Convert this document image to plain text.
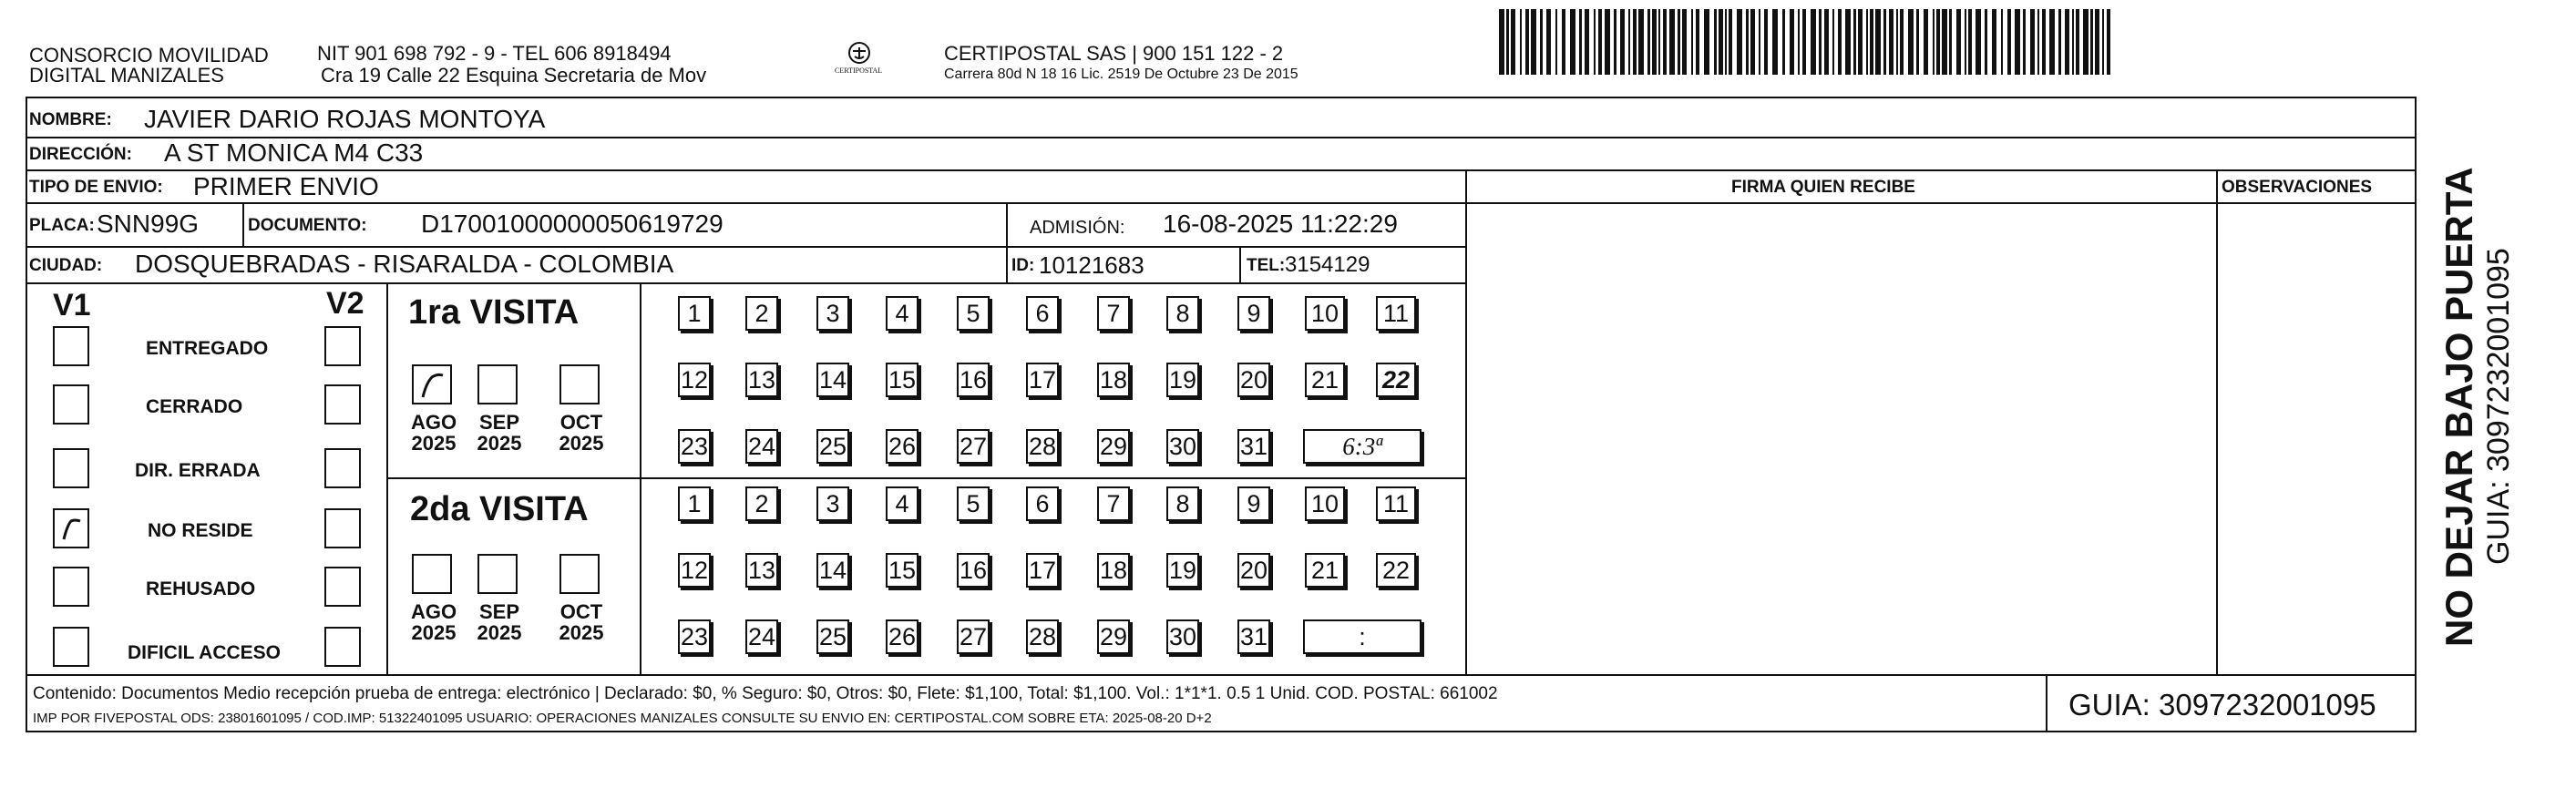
CONSORCIO MOVILIDAD
DIGITAL MANIZALES
NIT 901 698 792 - 9 - TEL 606 8918494
Cra 19 Calle 22 Esquina Secretaria de Mov	CERTIPOSTAL
CERTIPOSTAL SAS | 900 151 122 - 2
Carrera 80d N 18 16 Lic. 2519 De Octubre 23 De 2015
NOMBRE: JAVIER DARIO ROJAS MONTOYA
DIRECCIÓN: A ST MONICA M4 C33
TIPO DE ENVIO: PRIMER ENVIO	FIRMA QUIEN RECIBE	OBSERVACIONES
PLACA: SNN99G	DOCUMENTO: D17001000000050619729	ADMISIÓN: 16-08-2025 11:22:29
CIUDAD: DOSQUEBRADAS - RISARALDA - COLOMBIA	ID: 10121683	TEL: 3154129
V1	V2
ENTREGADO
CERRADO
DIR. ERRADA
NO RESIDE
REHUSADO
DIFICIL ACCESO
1ra VISITA
2da VISITA
AGO
2025
SEP
2025
OCT
2025
AGO
2025
SEP
2025
OCT
2025
1	2	3	4	5	6	7	8	9	10 11
12 13 14 15 16 17 18 19 20 21 22
23 24 25 26 27 28 29 30 31
1	2	3	4	5	6	7	8	9	10 11
12 13 14 15 16 17 18 19 20 21 22
23 24 25 26 27 28 29 30 31
6:3ª
:
Contenido: Documentos Medio recepción prueba de entrega: electrónico | Declarado: $0, % Seguro: $0, Otros: $0, Flete: $1,100, Total: $1,100. Vol.: 1*1*1. 0.5 1 Unid. COD. POSTAL: 661002
IMP POR FIVEPOSTAL ODS: 23801601095 / COD.IMP: 51322401095 USUARIO: OPERACIONES MANIZALES CONSULTE SU ENVIO EN: CERTIPOSTAL.COM SOBRE ETA: 2025-08-20 D+2	GUIA: 3097232001095
NO DEJAR BAJO PUERTA GUIA: 3097232001095
